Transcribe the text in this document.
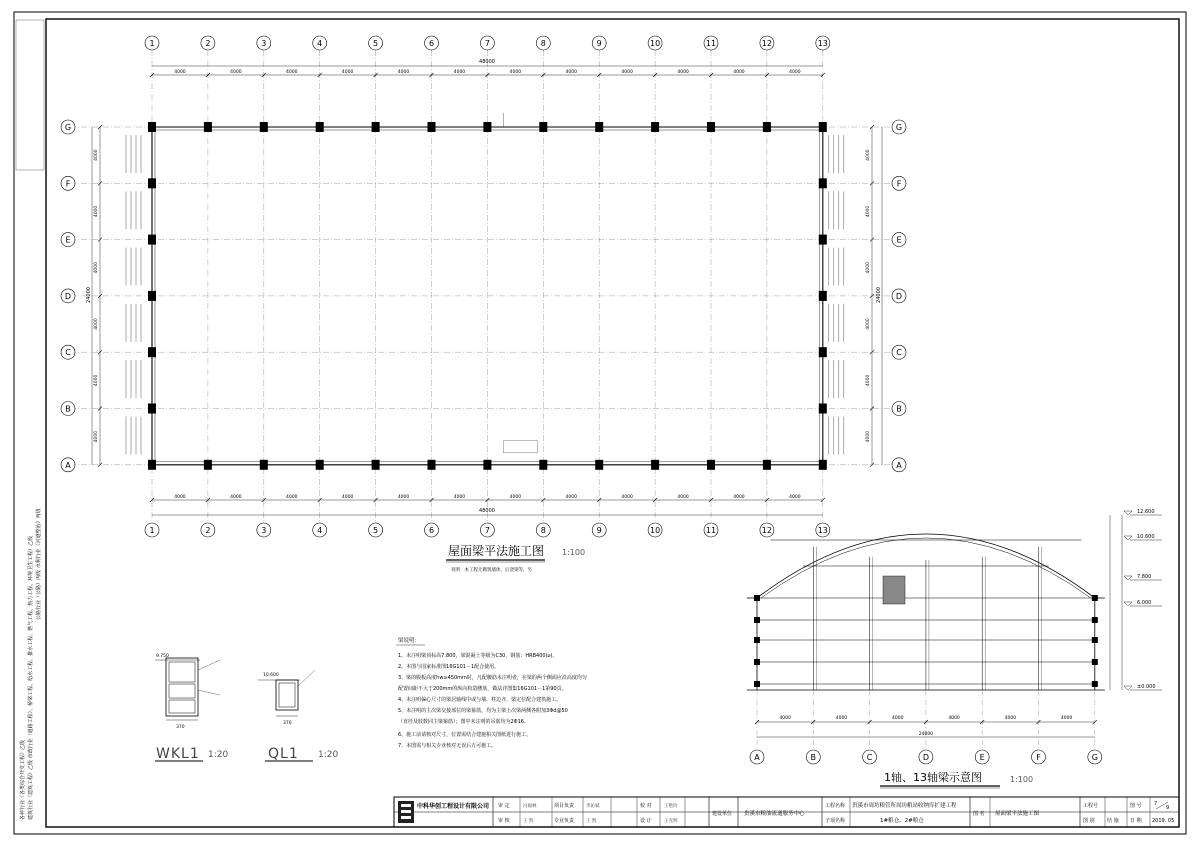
各种行业《各类综合开发工程》乙级 建筑行业《建筑工程》乙级 市政行业（道路工程）、桥梁工程、给水工程、排水工程、燃气工程、热力工程、环境卫生工程）乙级 公路行业（公路）丙级 水利行业《河道整治》丙级
4000	4000	4000	4000	4000	4000	4000	4000	4000	4000	4000	4000
4000	4000	4000	4000	4000	4000	4000	4000	4000	4000	4000	4000
4000
4000
4000
4000
4000
4000
4000
4000
4000
4000
4000
4000
1
1
2
2
3
3
4
4
5
5
6
6
7
7
8
8
9
9
10
10
11
11
12
12
13
13
G	G
F	F
E	E
D	D
C	C
B	B
A	A
48000
48000
24000	24000
屋面梁平法施工图 1:100
说明：本工程无砌筑墙体，后浇梁等，另
4000	4000	4000	4000	4000	4000
24000
A	B	C	D	E	F	G
12.600
10.600
7.800
6.000
±0.000
1轴、13轴梁示意图	1:100
9.750
370
WKL1 1:20
10.600
370
QL1 1:20
梁说明：
1、未注明梁顶标高7.800，梁混凝土等级为C30，钢筋：HRB400(⌀)。
2、本图与国家标准图16G101－1配合使用。
3、梁的腹板高度hw≥450mm时，凡配腰筋未注明者，在梁的两个侧面应沿高度均匀
配置间距不大于200mm的纵向构造腰筋，做法详图集16G101－1第90页。
4、未注明偏心尺寸的梁居轴线中或与墙、柱边齐，梁定位配合建筑施工。
5、未注明的主次梁交接部位的梁箍筋，均为主梁上次梁两侧各附加3Φd@50
（直径及肢数同主梁箍筋）；图中未注明的吊筋均为2Φ16。
6、施工前请核对尺寸，位置需结合建施相关图纸进行施工。
7、本图需与相关专业核对无误后方可施工。
中科华创工程设计有限公司 审 定	冯福林	项目负责	李沁斌	校 对	王艳玲
审 核	王 凯	专业负责	王 凯	设 计	王光明
建设单位 贵溪市粮油流通服务中心
工程名称 贵溪市周坊粮管所周坊粮站收纳库扩建工程
子项名称	1#粮仓、2#粮仓
图 名 屋面梁平法施工图
工程号	图 号 7
9
图 别 结 施 日 期 2019. 05
